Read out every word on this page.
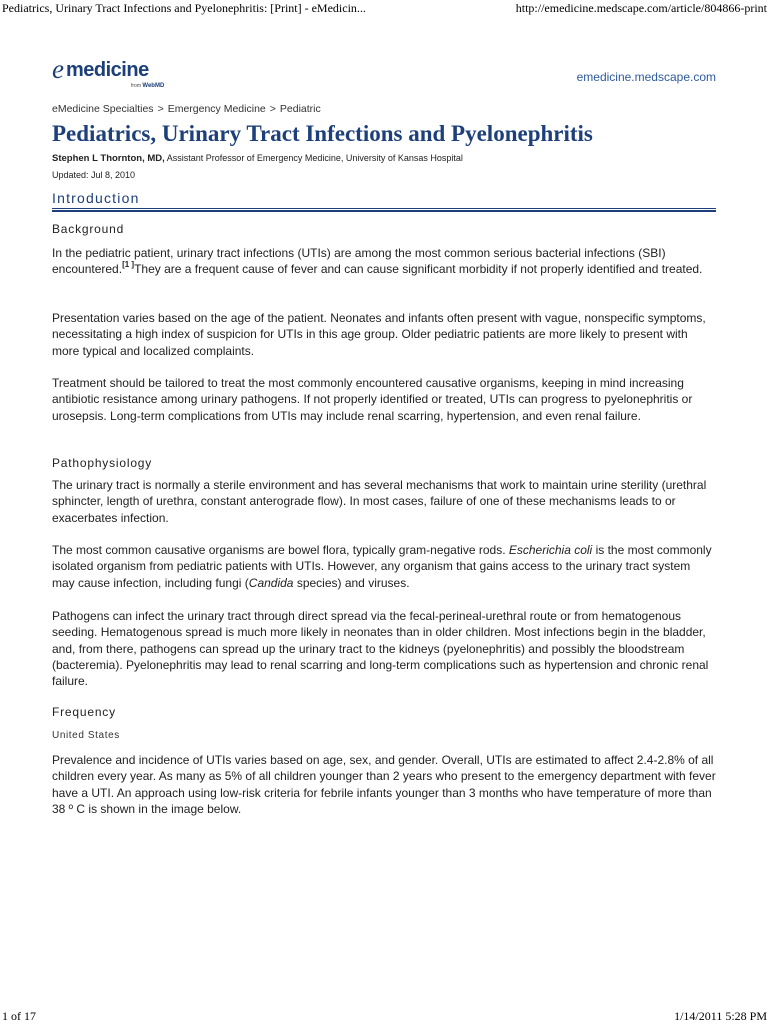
Pediatrics, Urinary Tract Infections and Pyelonephritis: [Print] - eMedicin...	http://emedicine.medscape.com/article/804866-print
e medicine
from WebMD
emedicine.medscape.com
eMedicine Specialties > Emergency Medicine > Pediatric
Pediatrics, Urinary Tract Infections and Pyelonephritis
Stephen L Thornton, MD, Assistant Professor of Emergency Medicine, University of Kansas Hospital
Updated: Jul 8, 2010
Introduction
Background

In the pediatric patient, urinary tract infections (UTIs) are among the most common serious bacterial infections (SBI) encountered.[1 ]They are a frequent cause of fever and can cause significant morbidity if not properly identified and treated.

Presentation varies based on the age of the patient. Neonates and infants often present with vague, nonspecific symptoms, necessitating a high index of suspicion for UTIs in this age group. Older pediatric patients are more likely to present with more typical and localized complaints.

Treatment should be tailored to treat the most commonly encountered causative organisms, keeping in mind increasing antibiotic resistance among urinary pathogens. If not properly identified or treated, UTIs can progress to pyelonephritis or urosepsis. Long-term complications from UTIs may include renal scarring, hypertension, and even renal failure.

Pathophysiology

The urinary tract is normally a sterile environment and has several mechanisms that work to maintain urine sterility (urethral sphincter, length of urethra, constant anterograde flow). In most cases, failure of one of these mechanisms leads to or exacerbates infection.

The most common causative organisms are bowel flora, typically gram-negative rods. Escherichia coli is the most commonly isolated organism from pediatric patients with UTIs. However, any organism that gains access to the urinary tract system may cause infection, including fungi (Candida species) and viruses.

Pathogens can infect the urinary tract through direct spread via the fecal-perineal-urethral route or from hematogenous seeding. Hematogenous spread is much more likely in neonates than in older children. Most infections begin in the bladder, and, from there, pathogens can spread up the urinary tract to the kidneys (pyelonephritis) and possibly the bloodstream (bacteremia). Pyelonephritis may lead to renal scarring and long-term complications such as hypertension and chronic renal failure.

Frequency
United States

Prevalence and incidence of UTIs varies based on age, sex, and gender. Overall, UTIs are estimated to affect 2.4-2.8% of all children every year. As many as 5% of all children younger than 2 years who present to the emergency department with fever have a UTI. An approach using low-risk criteria for febrile infants younger than 3 months who have temperature of more than 38 º C is shown in the image below.

1 of 17	1/14/2011 5:28 PM
